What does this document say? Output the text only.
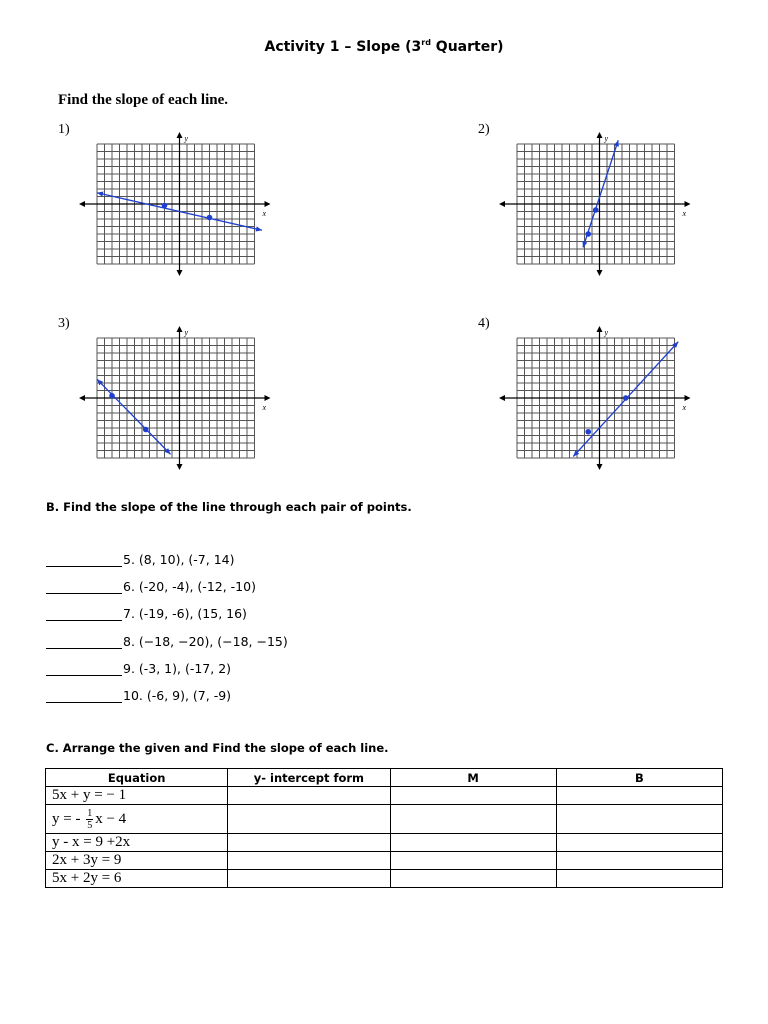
Activity 1 – Slope (3rd Quarter)
Find the slope of each line.
1)	2)
3)	4)
x
y
x
y
x
y
x
y
B. Find the slope of the line through each pair of points.
5. (8, 10), (-7, 14)
6. (-20, -4), (-12, -10)
7. (-19, -6), (15, 16)
8. (−18, −20), (−18, −15)
9. (-3, 1), (-17, 2)
10. (-6, 9), (7, -9)
C. Arrange the given and Find the slope of each line.
Equation	y- intercept form	M	B
5x + y = − 1			
y = - $\frac{1}{5}$ x − 4			
y - x = 9 +2x			
2x + 3y = 9			
5x + 2y = 6			
